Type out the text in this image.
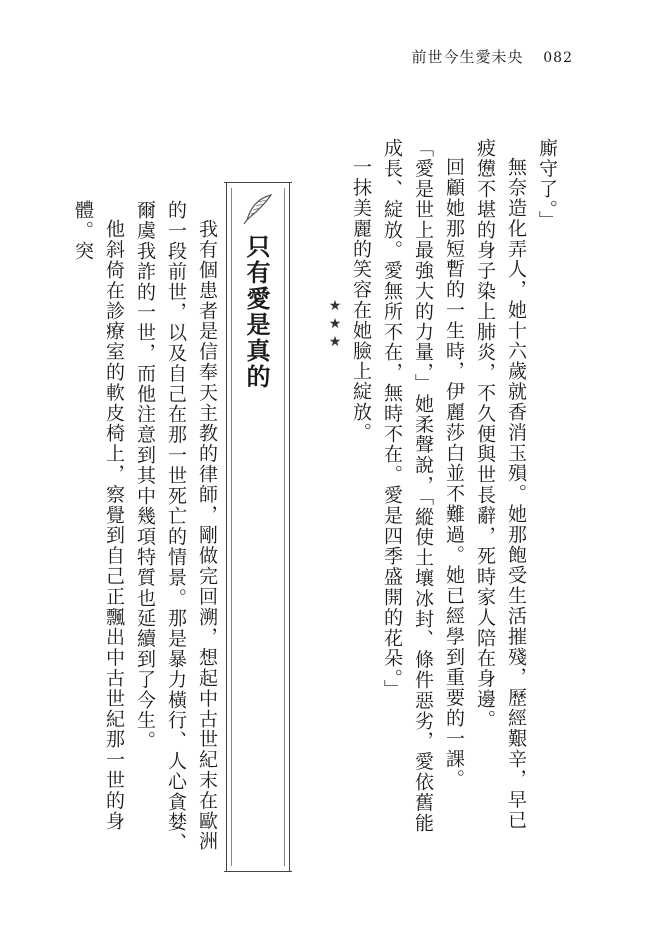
前世今生愛未央 082
廝守了。」
無奈造化弄人，她十六歲就香消玉殞。她那飽受生活摧殘，歷經艱辛，早已疲憊不堪的身子染上肺炎，不久便與世長辭，死時家人陪在身邊。
回顧她那短暫的一生時，伊麗莎白並不難過。她已經學到重要的一課。
「愛是世上最強大的力量，」她柔聲說，「縱使土壤冰封、條件惡劣，愛依舊能成長、綻放。愛無所不在，無時不在。愛是四季盛開的花朵。」
一抹美麗的笑容在她臉上綻放。
★★★
只有愛是真的
我有個患者是信奉天主教的律師，剛做完回溯，想起中古世紀末在歐洲的一段前世，以及自己在那一世死亡的情景。那是暴力橫行、人心貪婪、爾虞我詐的一世，而他注意到其中幾項特質也延續到了今生。
他斜倚在診療室的軟皮椅上，察覺到自己正飄出中古世紀那一世的身體。突
